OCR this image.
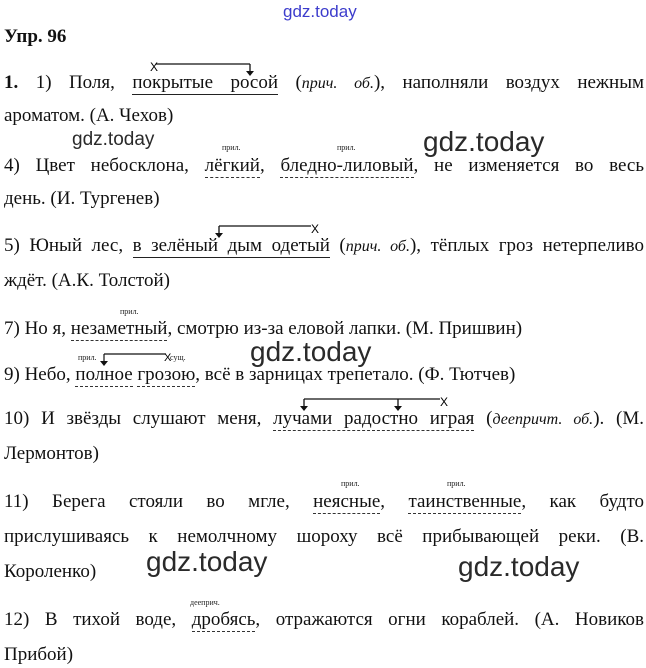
gdz.today
Упр. 96
X
1. 1) Поля, покрытые росой (прич. об.), наполняли воздух нежным
ароматом. (А. Чехов)
gdz.today	gdz.today
прил.	прил.
4) Цвет небосклона, лёгкий, бледно-лиловый, не изменяется во весь
день. (И. Тургенев)
X
5) Юный лес, в зелёный дым одетый (прич. об.), тёплых гроз нетерпеливо
ждёт. (А.К. Толстой)
прил.
7) Но я, незаметный, смотрю из-за еловой лапки. (М. Пришвин)
gdz.today
прил.	сущ.
X
9) Небо, полное грозою, всё в зарницах трепетало. (Ф. Тютчев)
X
10) И звёзды слушают меня, лучами радостно играя (деепричт. об.). (М.
Лермонтов)
прил.	прил.
11) Берега стояли во мгле, неясные, таинственные, как будто
прислушиваясь к немолчному шороху всё прибывающей реки. (В.
Короленко) gdz.today	gdz.today
дееприч.
12) В тихой воде, дробясь, отражаются огни кораблей. (А. Новиков
Прибой)
